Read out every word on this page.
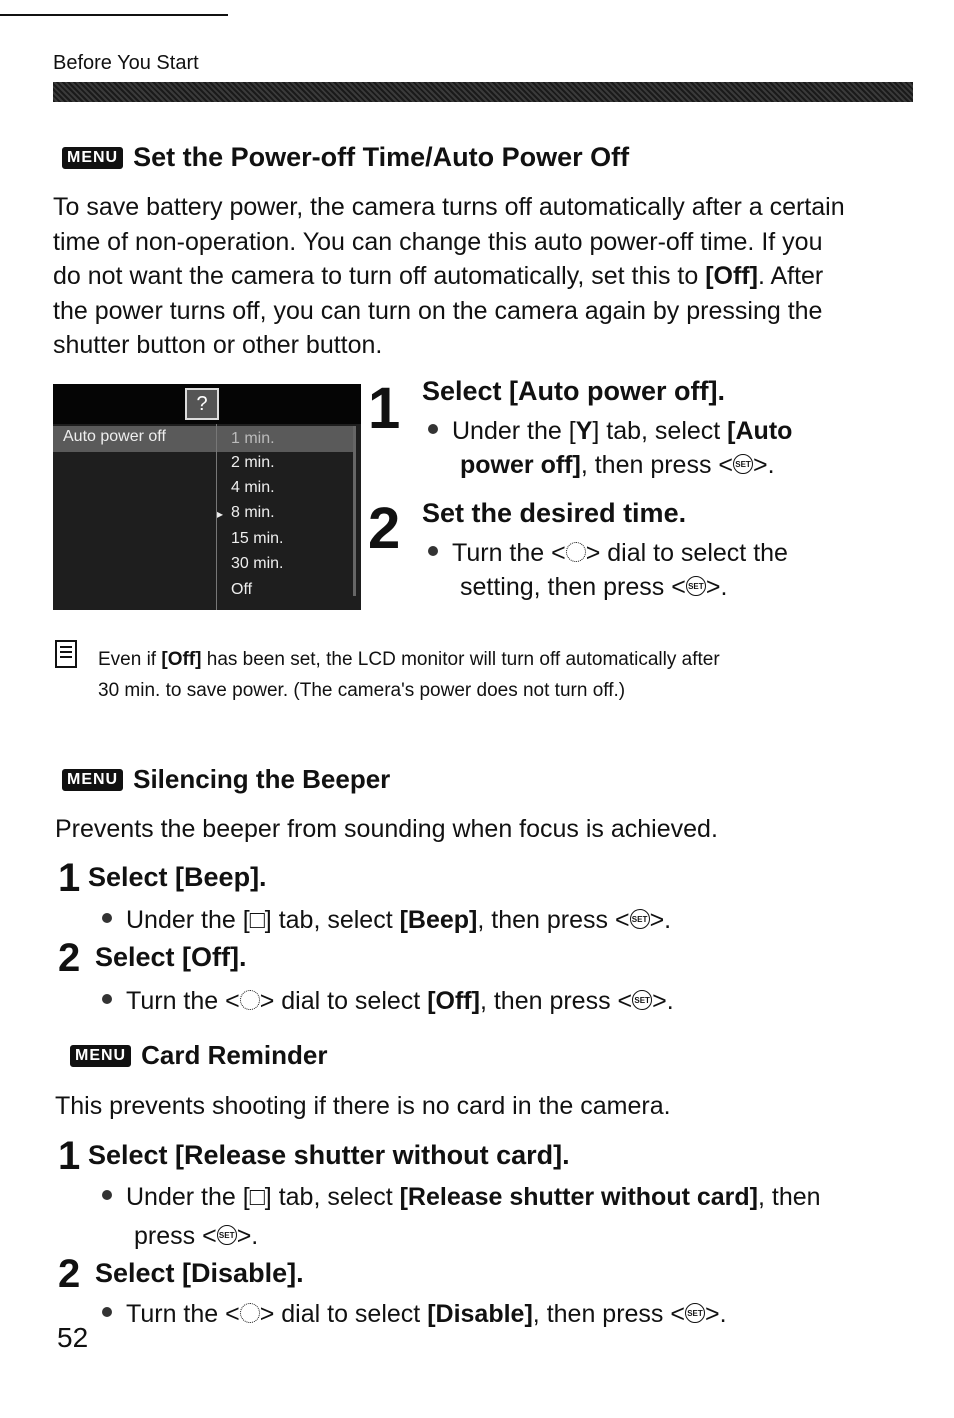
Before You Start
MENU Set the Power-off Time/Auto Power Off
To save battery power, the camera turns off automatically after a certain
time of non-operation. You can change this auto power-off time. If you
do not want the camera to turn off automatically, set this to [Off]. After
the power turns off, you can turn on the camera again by pressing the
shutter button or other button.
?
Auto power off	1 min.
2 min.
4 min.
▸ 8 min.
15 min.
30 min.
Off
1 Select [Auto power off].
Under the [Y] tab, select [Auto
power off], then press < SET>.
2 Set the desired time.
Turn the < > dial to select the
setting, then press < SET>.
Even if [Off] has been set, the LCD monitor will turn off automatically after
30 min. to save power. (The camera's power does not turn off.)
MENU Silencing the Beeper
Prevents the beeper from sounding when focus is achieved.
1 Select [Beep].
Under the [□] tab, select [Beep], then press < SET>.
2 Select [Off].
Turn the < > dial to select [Off], then press < SET>.
MENU Card Reminder
This prevents shooting if there is no card in the camera.
1 Select [Release shutter without card].
Under the [□] tab, select [Release shutter without card], then
press < SET>.
2 Select [Disable].
Turn the < > dial to select [Disable], then press < SET>.
52
